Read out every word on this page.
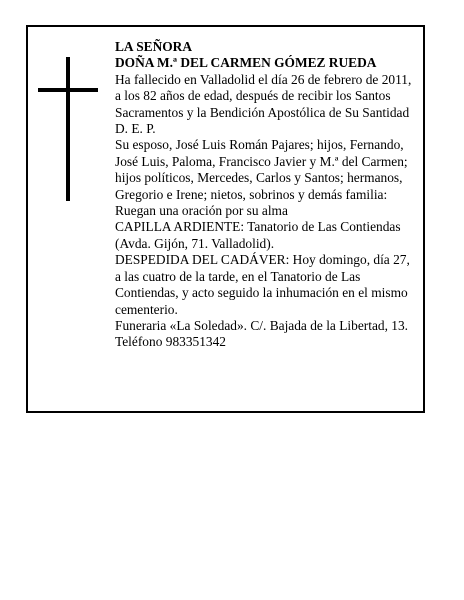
LA SEÑORA
DOÑA M.ª DEL CARMEN GÓMEZ RUEDA
Ha fallecido en Valladolid el día 26 de febrero de 2011,
a los 82 años de edad, después de recibir los Santos
Sacramentos y la Bendición Apostólica de Su Santidad
D. E. P.
Su esposo, José Luis Román Pajares; hijos, Fernando,
José Luis, Paloma, Francisco Javier y M.ª del Carmen;
hijos políticos, Mercedes, Carlos y Santos; hermanos,
Gregorio e Irene; nietos, sobrinos y demás familia:
Ruegan una oración por su alma
CAPILLA ARDIENTE: Tanatorio de Las Contiendas
(Avda. Gijón, 71. Valladolid).
DESPEDIDA DEL CADÁVER: Hoy domingo, día 27,
a las cuatro de la tarde, en el Tanatorio de Las
Contiendas, y acto seguido la inhumación en el mismo
cementerio.
Funeraria «La Soledad». C/. Bajada de la Libertad, 13.
Teléfono 983351342
